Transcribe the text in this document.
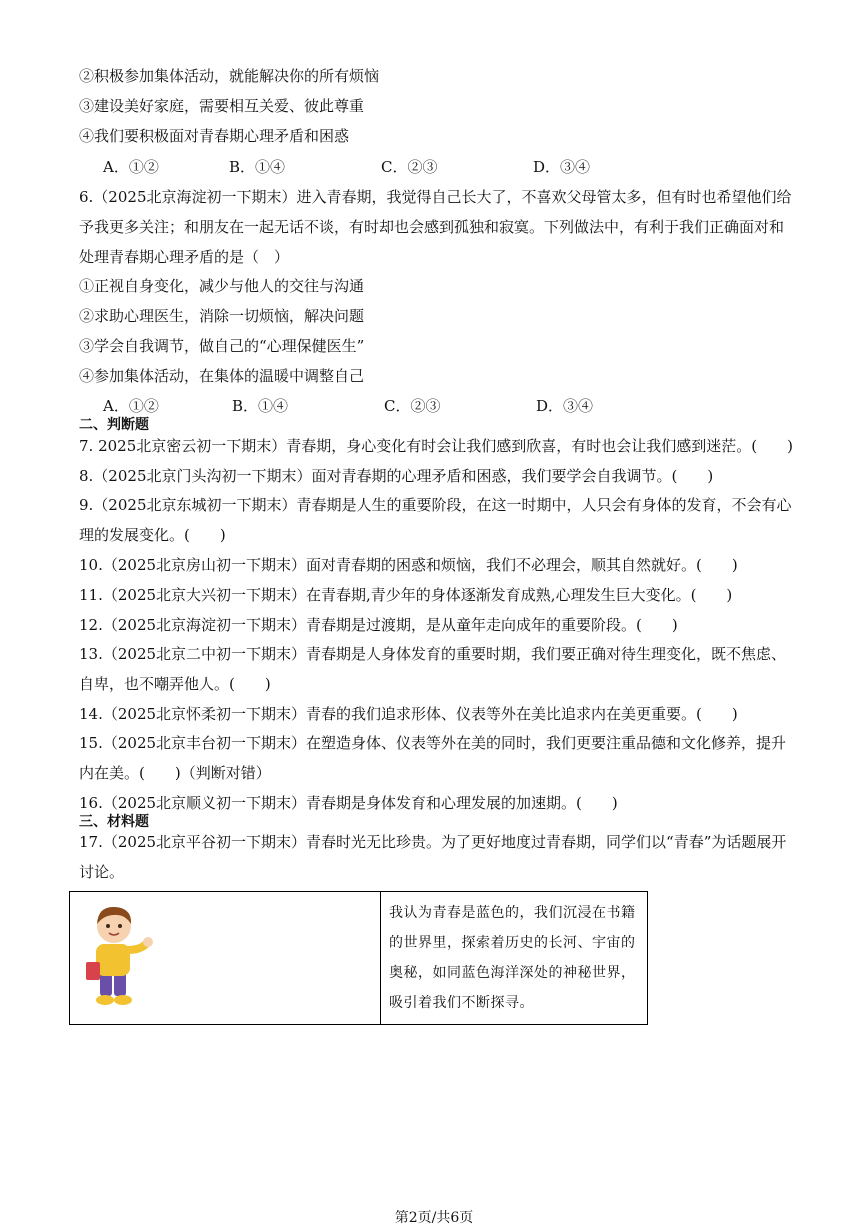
②积极参加集体活动，就能解决你的所有烦恼
③建设美好家庭，需要相互关爱、彼此尊重
④我们要积极面对青春期心理矛盾和困惑
A．①②	B．①④	C．②③	D．③④
6.（2025北京海淀初一下期末）进入青春期，我觉得自己长大了，不喜欢父母管太多，但有时也希望他们给予我更多关注；和朋友在一起无话不谈，有时却也会感到孤独和寂寞。下列做法中，有利于我们正确面对和处理青春期心理矛盾的是（　）
①正视自身变化，减少与他人的交往与沟通
②求助心理医生，消除一切烦恼，解决问题
③学会自我调节，做自己的“心理保健医生”
④参加集体活动，在集体的温暖中调整自己
A．①②	B．①④	C．②③	D．③④
二、判断题
7. 2025北京密云初一下期末）青春期，身心变化有时会让我们感到欣喜，有时也会让我们感到迷茫。(　　)
8.（2025北京门头沟初一下期末）面对青春期的心理矛盾和困惑，我们要学会自我调节。(　　)
9.（2025北京东城初一下期末）青春期是人生的重要阶段，在这一时期中，人只会有身体的发育，不会有心理的发展变化。(　　)
10.（2025北京房山初一下期末）面对青春期的困惑和烦恼，我们不必理会，顺其自然就好。(　　)
11.（2025北京大兴初一下期末）在青春期,青少年的身体逐渐发育成熟,心理发生巨大变化。(　　)
12.（2025北京海淀初一下期末）青春期是过渡期，是从童年走向成年的重要阶段。(　　)
13.（2025北京二中初一下期末）青春期是人身体发育的重要时期，我们要正确对待生理变化，既不焦虑、自卑，也不嘲弄他人。(　　)
14.（2025北京怀柔初一下期末）青春的我们追求形体、仪表等外在美比追求内在美更重要。(　　)
15.（2025北京丰台初一下期末）在塑造身体、仪表等外在美的同时，我们更要注重品德和文化修养，提升内在美。(　　)（判断对错）
16.（2025北京顺义初一下期末）青春期是身体发育和心理发展的加速期。(　　)
三、材料题
17.（2025北京平谷初一下期末）青春时光无比珍贵。为了更好地度过青春期，同学们以“青春”为话题展开讨论。
我认为青春是蓝色的，我们沉浸在书籍的世界里，探索着历史的长河、宇宙的奥秘，如同蓝色海洋深处的神秘世界，吸引着我们不断探寻。
第2页/共6页
